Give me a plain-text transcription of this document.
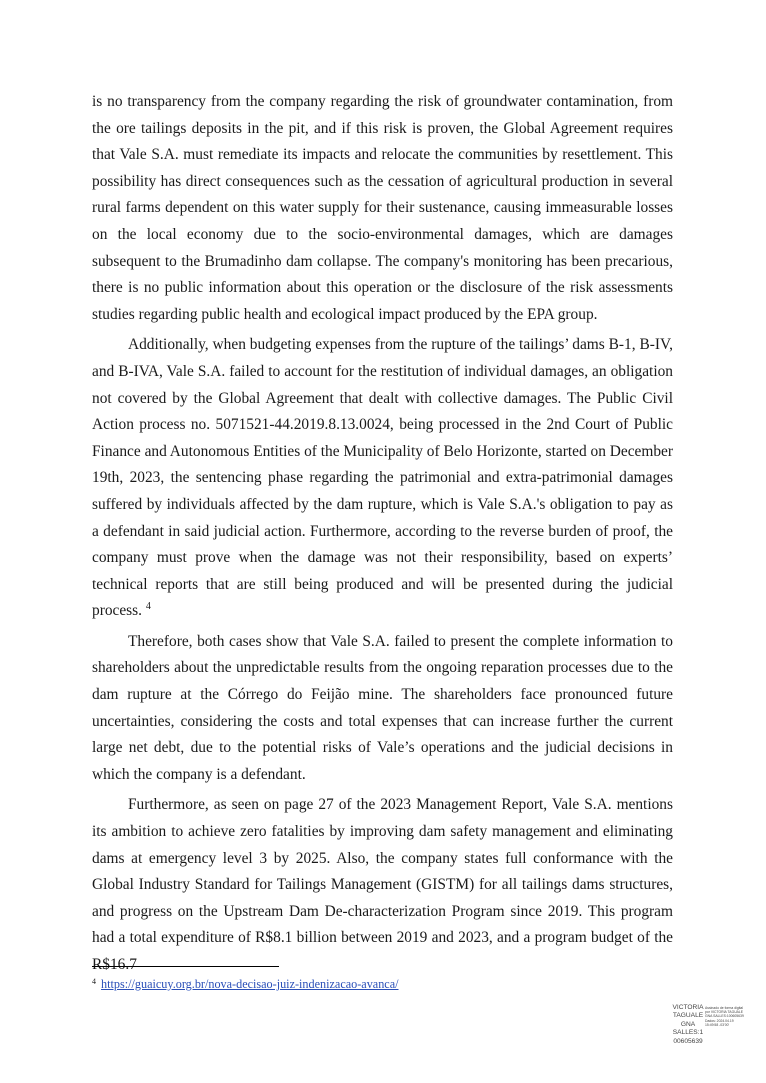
is no transparency from the company regarding the risk of groundwater contamination, from the ore tailings deposits in the pit, and if this risk is proven, the Global Agreement requires that Vale S.A. must remediate its impacts and relocate the communities by resettlement. This possibility has direct consequences such as the cessation of agricultural production in several rural farms dependent on this water supply for their sustenance, causing immeasurable losses on the local economy due to the socio-environmental damages, which are damages subsequent to the Brumadinho dam collapse. The company's monitoring has been precarious, there is no public information about this operation or the disclosure of the risk assessments studies regarding public health and ecological impact produced by the EPA group.

Additionally, when budgeting expenses from the rupture of the tailings’ dams B-1, B-IV, and B-IVA, Vale S.A. failed to account for the restitution of individual damages, an obligation not covered by the Global Agreement that dealt with collective damages. The Public Civil Action process no. 5071521-44.2019.8.13.0024, being processed in the 2nd Court of Public Finance and Autonomous Entities of the Municipality of Belo Horizonte, started on December 19th, 2023, the sentencing phase regarding the patrimonial and extra-patrimonial damages suffered by individuals affected by the dam rupture, which is Vale S.A.'s obligation to pay as a defendant in said judicial action. Furthermore, according to the reverse burden of proof, the company must prove when the damage was not their responsibility, based on experts’ technical reports that are still being produced and will be presented during the judicial process. $^4$

Therefore, both cases show that Vale S.A. failed to present the complete information to shareholders about the unpredictable results from the ongoing reparation processes due to the dam rupture at the Córrego do Feijão mine. The shareholders face pronounced future uncertainties, considering the costs and total expenses that can increase further the current large net debt, due to the potential risks of Vale’s operations and the judicial decisions in which the company is a defendant.

Furthermore, as seen on page 27 of the 2023 Management Report, Vale S.A. mentions its ambition to achieve zero fatalities by improving dam safety management and eliminating dams at emergency level 3 by 2025. Also, the company states full conformance with the Global Industry Standard for Tailings Management (GISTM) for all tailings dams structures, and progress on the Upstream Dam De-characterization Program since 2019. This program had a total expenditure of R$8.1 billion between 2019 and 2023, and a program budget of the R$16.7

$^4$ https://guaicuy.org.br/nova-decisao-juiz-indenizacao-avanca/
VICTORIA TAGUALE GNA SALLES:1 00605639
Assinado de forma digital por VICTORIA TAGUALE GNA SALLES:100605639 Dados: 2024.04.19 15:49:58 -03'00'
